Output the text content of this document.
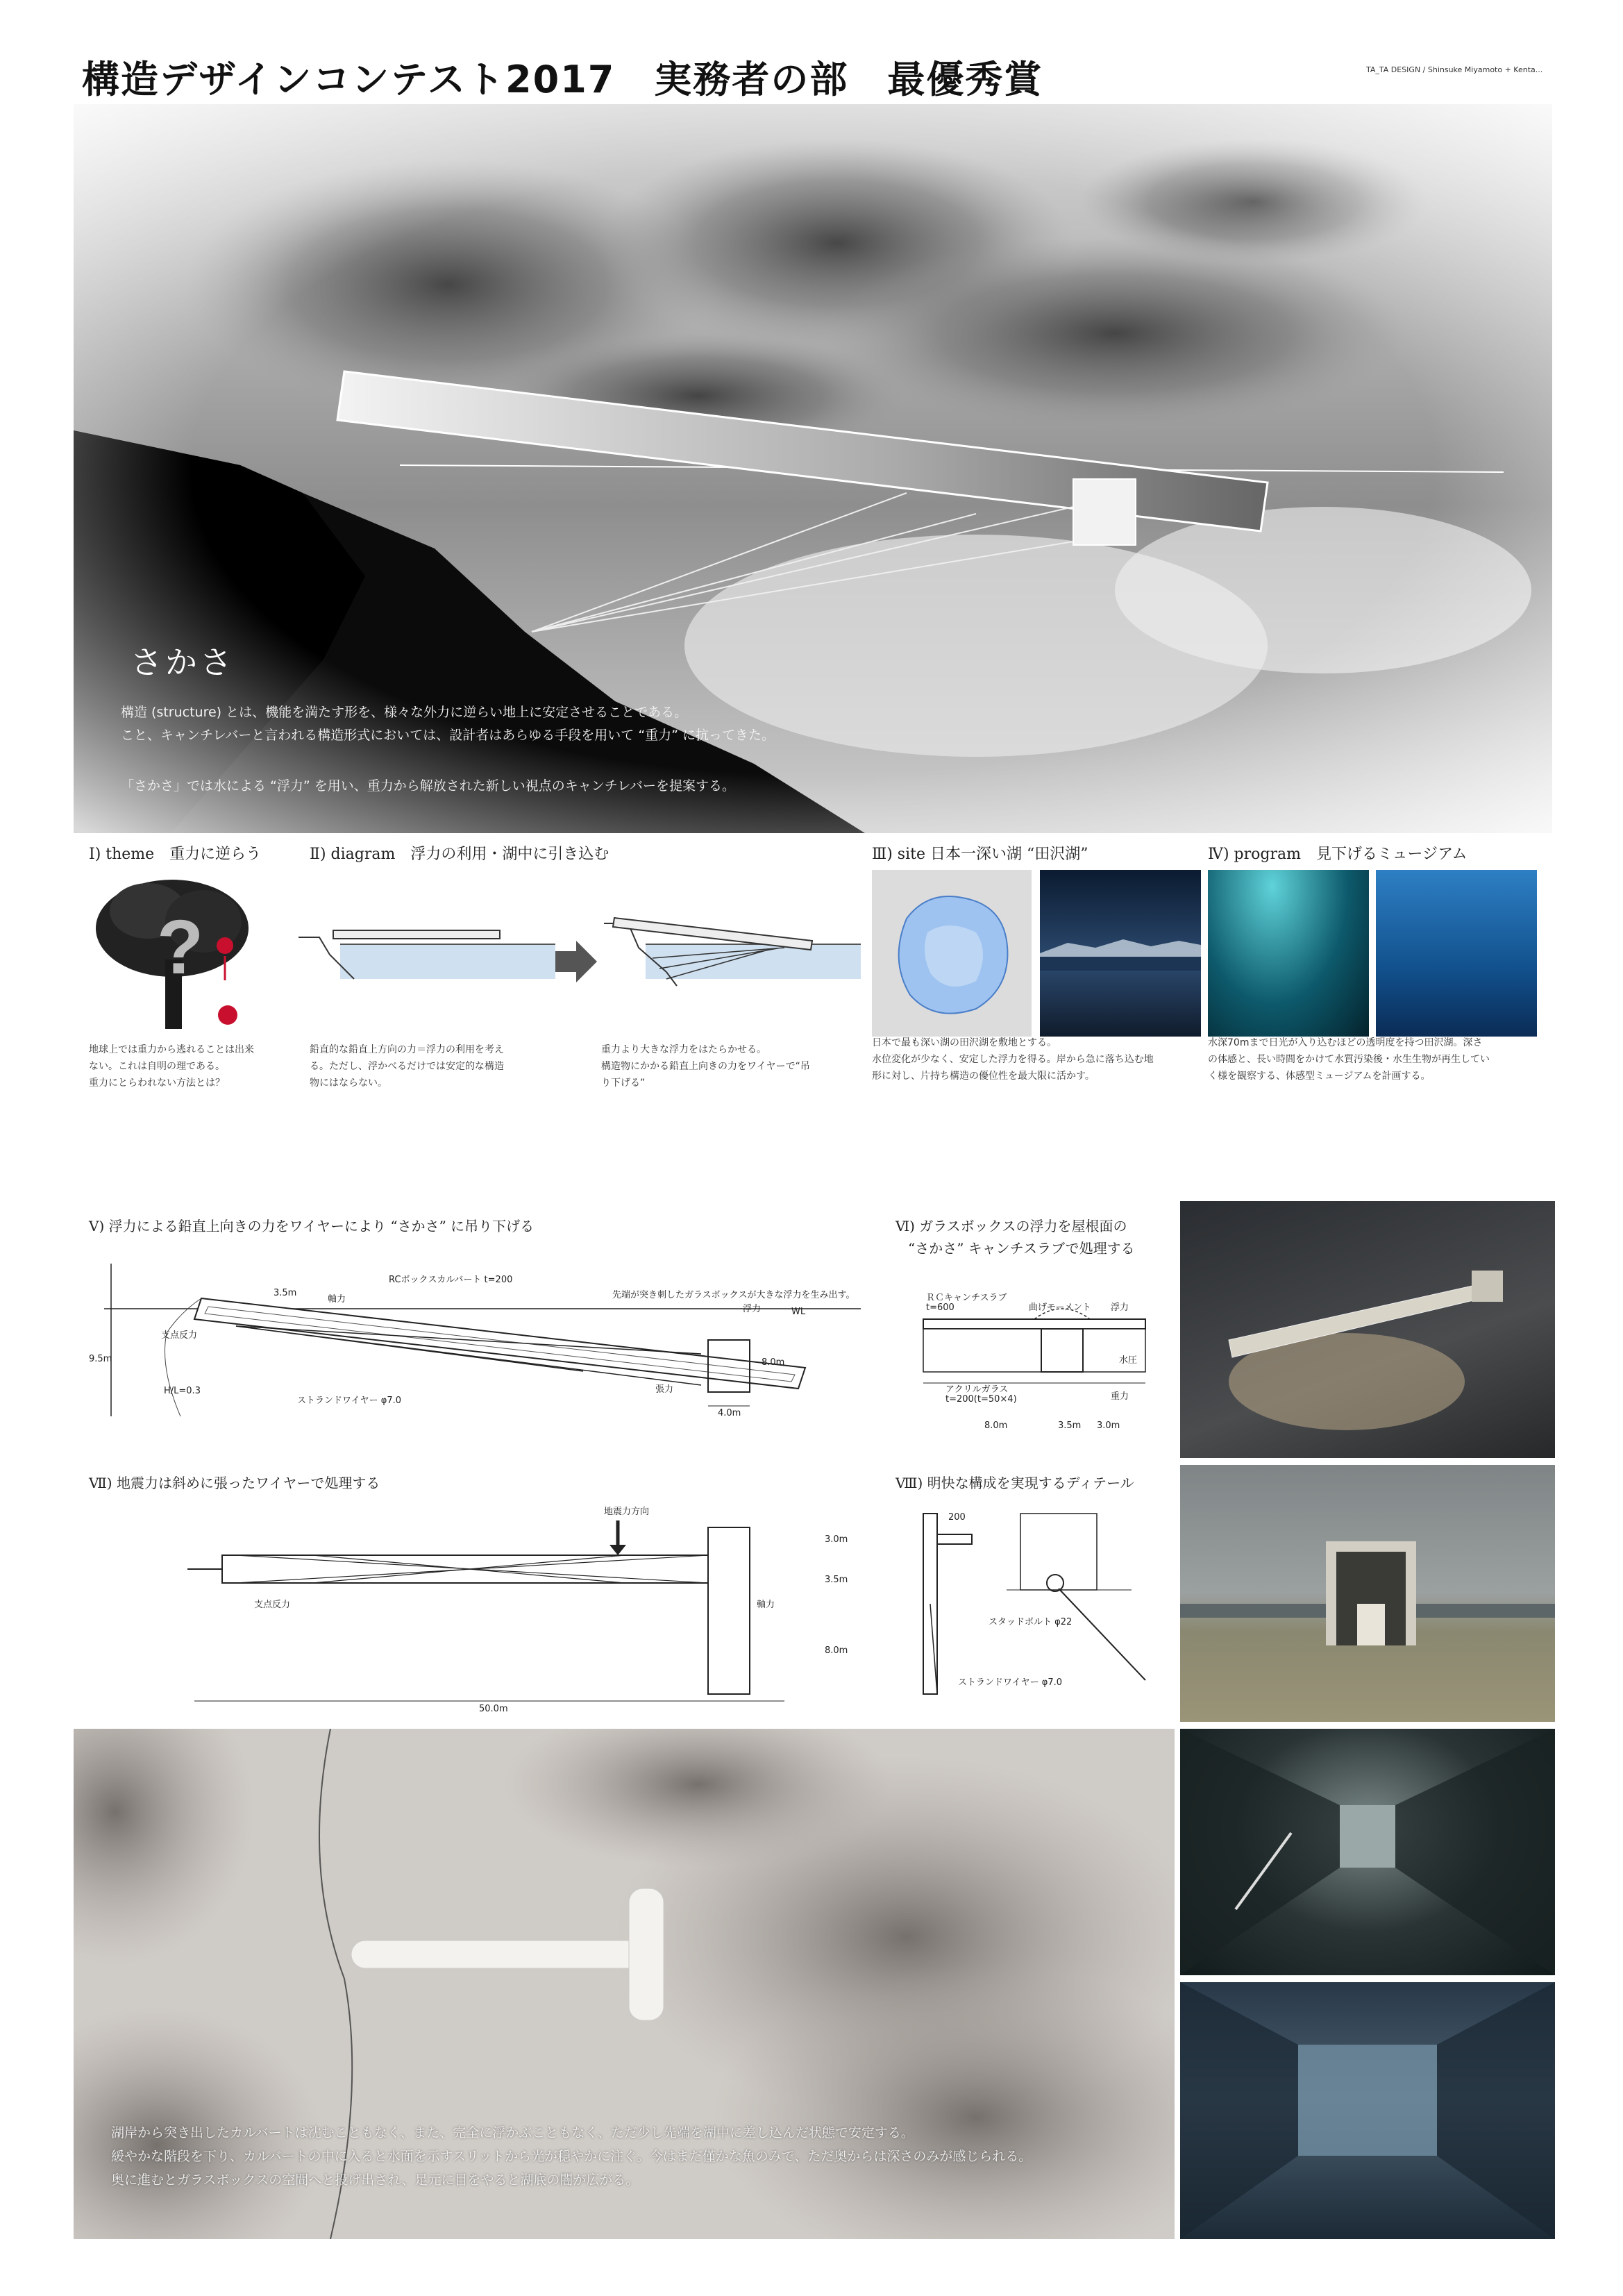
構造デザインコンテスト2017　実務者の部　最優秀賞	TA_TA DESIGN / Shinsuke Miyamoto + Kenta...
さかさ

構造 (structure) とは、機能を満たす形を、様々な外力に逆らい地上に安定させることである。

こと、キャンチレバーと言われる構造形式においては、設計者はあらゆる手段を用いて “重力” に抗ってきた。

「さかさ」では水による “浮力” を用い、重力から解放された新しい視点のキャンチレバーを提案する。

Ⅰ) theme　重力に逆らう
?

地球上では重力から逃れることは出来

ない。これは自明の理である。

重力にとらわれない方法とは？

Ⅱ) diagram　浮力の利用・湖中に引き込む

鉛直的な鉛直上方向の力＝浮力の利用を考え

る。ただし、浮かべるだけでは安定的な構造

物にはならない。

重力より大きな浮力をはたらかせる。

構造物にかかる鉛直上向きの力をワイヤーで“吊

り下げる”

Ⅲ) site 日本一深い湖 “田沢湖”

日本で最も深い湖の田沢湖を敷地とする。

水位変化が少なく、安定した浮力を得る。岸から急に落ち込む地

形に対し、片持ち構造の優位性を最大限に活かす。

Ⅳ) program　見下げるミュージアム

水深70mまで日光が入り込むほどの透明度を持つ田沢湖。深さ

の体感と、長い時間をかけて水質汚染後・水生生物が再生してい

く様を観察する、体感型ミュージアムを計画する。

Ⅴ) 浮力による鉛直上向きの力をワイヤーにより “さかさ” に吊り下げる
RCボックスカルバート t=200
先端が突き刺したガラスボックスが大きな浮力を生み出す。
支点反力
H/L=0.3
ストランドワイヤー φ7.0
浮力	WL
4.0m
8.0m
3.5m
9.5m
軸力
張力
Ⅵ) ガラスボックスの浮力を屋根面の
“さかさ” キャンチスラブで処理する
ＲＣキャンチスラブ
t=600	曲げモーメント 浮力
水圧
重力
アクリルガラス
t=200(t=50×4)
8.0m	3.5m 3.0m
Ⅶ) 地震力は斜めに張ったワイヤーで処理する
地震力方向
支点反力	軸力
50.0m
3.0m
3.5m
8.0m
Ⅷ) 明快な構成を実現するディテール
200
スタッドボルト φ22
ストランドワイヤー φ7.0

湖岸から突き出したカルバートは沈むこともなく、また、完全に浮かぶこともなく、ただ少し先端を湖中に差し込んだ状態で安定する。

緩やかな階段を下り、カルバートの中に入ると水面を示すスリットから光が穏やかに注ぐ。今はまだ僅かな魚のみで、ただ奥からは深さのみが感じられる。

奥に進むとガラスボックスの空間へと投げ出され、足元に目をやると湖底の闇が広がる。
